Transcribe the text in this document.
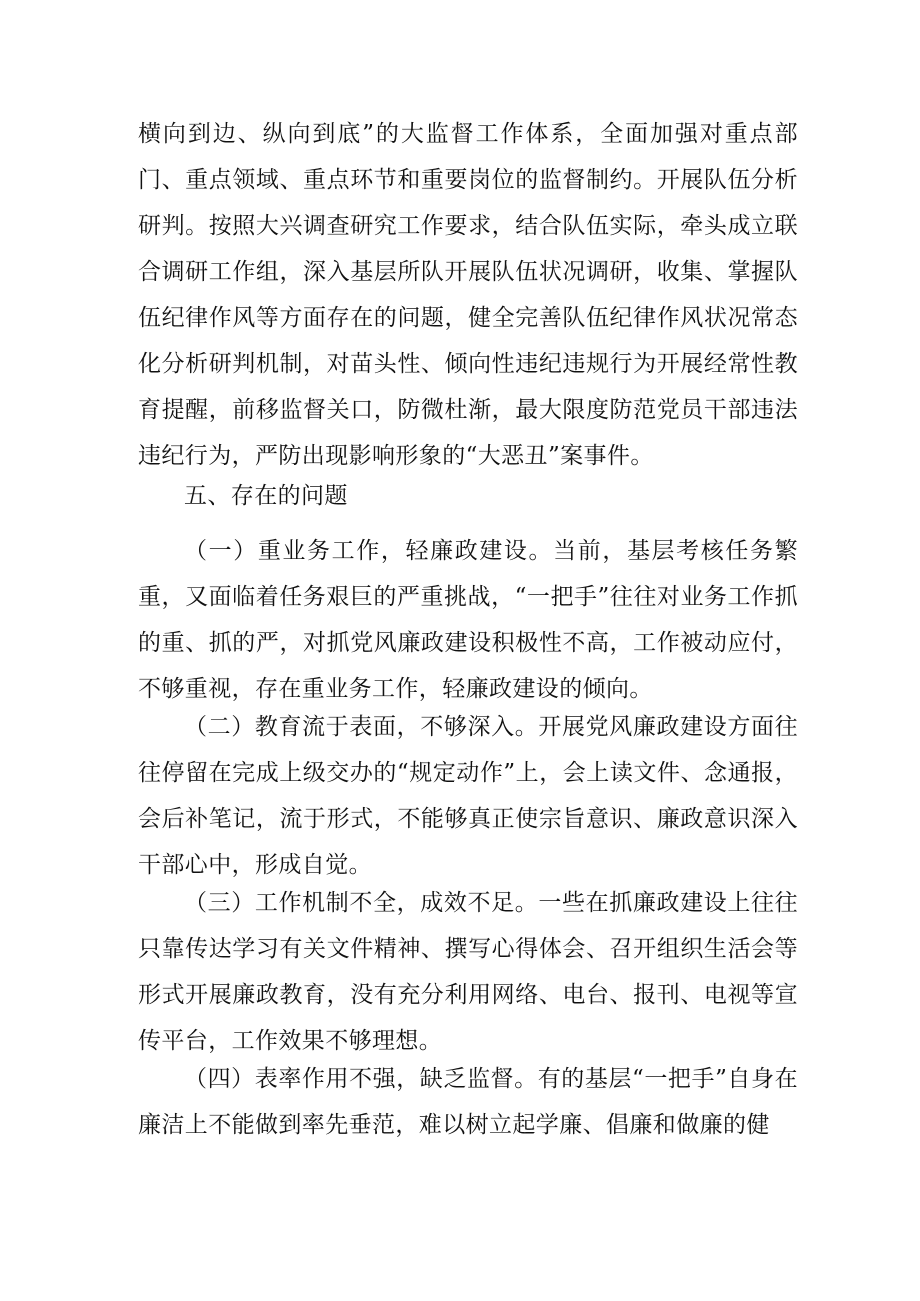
横向到边、纵向到底”的大监督工作体系，全面加强对重点部门、重点领域、重点环节和重要岗位的监督制约。开展队伍分析研判。按照大兴调查研究工作要求，结合队伍实际，牵头成立联合调研工作组，深入基层所队开展队伍状况调研，收集、掌握队伍纪律作风等方面存在的问题，健全完善队伍纪律作风状况常态化分析研判机制，对苗头性、倾向性违纪违规行为开展经常性教育提醒，前移监督关口，防微杜渐，最大限度防范党员干部违法违纪行为，严防出现影响形象的“大恶丑”案事件。

五、存在的问题

（一）重业务工作，轻廉政建设。当前，基层考核任务繁重，又面临着任务艰巨的严重挑战，“一把手”往往对业务工作抓的重、抓的严，对抓党风廉政建设积极性不高，工作被动应付，不够重视，存在重业务工作，轻廉政建设的倾向。

（二）教育流于表面，不够深入。开展党风廉政建设方面往往停留在完成上级交办的“规定动作”上，会上读文件、念通报，会后补笔记，流于形式，不能够真正使宗旨意识、廉政意识深入干部心中，形成自觉。

（三）工作机制不全，成效不足。一些在抓廉政建设上往往只靠传达学习有关文件精神、撰写心得体会、召开组织生活会等形式开展廉政教育，没有充分利用网络、电台、报刊、电视等宣传平台，工作效果不够理想。

（四）表率作用不强，缺乏监督。有的基层“一把手”自身在廉洁上不能做到率先垂范，难以树立起学廉、倡廉和做廉的健
